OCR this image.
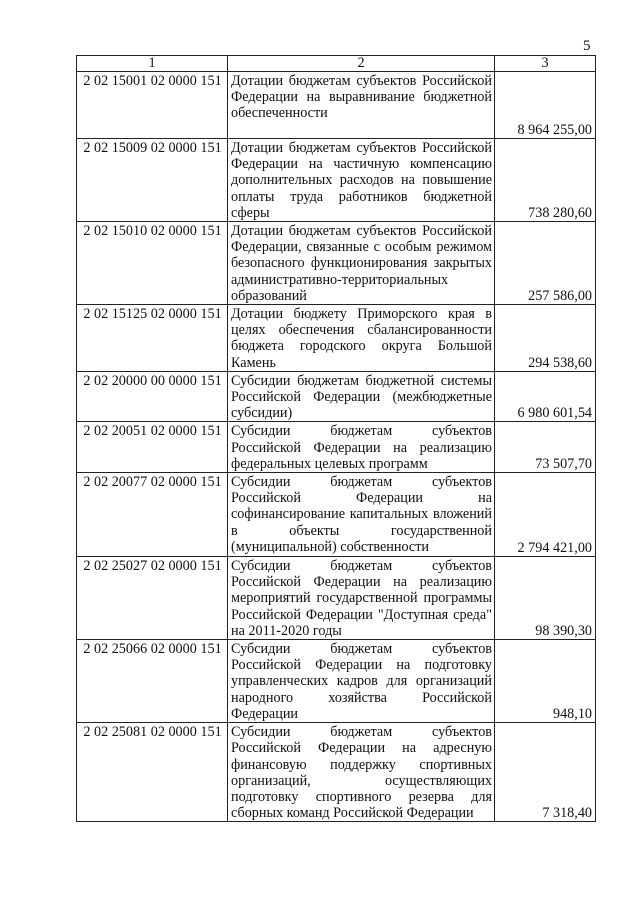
5
1	2	3
2 02 15001 02 0000 151	Дотации бюджетам субъектов Российской Федерации на выравнивание бюджетной обеспеченности	8 964 255,00
2 02 15009 02 0000 151	Дотации бюджетам субъектов Российской Федерации на частичную компенсацию дополнительных расходов на повышение оплаты труда работников бюджетной сферы	738 280,60
2 02 15010 02 0000 151	Дотации бюджетам субъектов Российской Федерации, связанные с особым режимом безопасного функционирования закрытых административно-территориальных образований	257 586,00
2 02 15125 02 0000 151	Дотации бюджету Приморского края в целях обеспечения сбалансированности бюджета городского округа Большой Камень	294 538,60
2 02 20000 00 0000 151	Субсидии бюджетам бюджетной системы Российской Федерации (межбюджетные субсидии)	6 980 601,54
2 02 20051 02 0000 151	Субсидии бюджетам субъектов Российской Федерации на реализацию федеральных целевых программ	73 507,70
2 02 20077 02 0000 151	Субсидии бюджетам субъектов Российской Федерации на софинансирование капитальных вложений в объекты государственной (муниципальной) собственности	2 794 421,00
2 02 25027 02 0000 151	Субсидии бюджетам субъектов Российской Федерации на реализацию мероприятий государственной программы Российской Федерации "Доступная среда" на 2011-2020 годы	98 390,30
2 02 25066 02 0000 151	Субсидии бюджетам субъектов Российской Федерации на подготовку управленческих кадров для организаций народного хозяйства Российской Федерации	948,10
2 02 25081 02 0000 151	Субсидии бюджетам субъектов Российской Федерации на адресную финансовую поддержку спортивных организаций, осуществляющих подготовку спортивного резерва для сборных команд Российской Федерации	7 318,40
